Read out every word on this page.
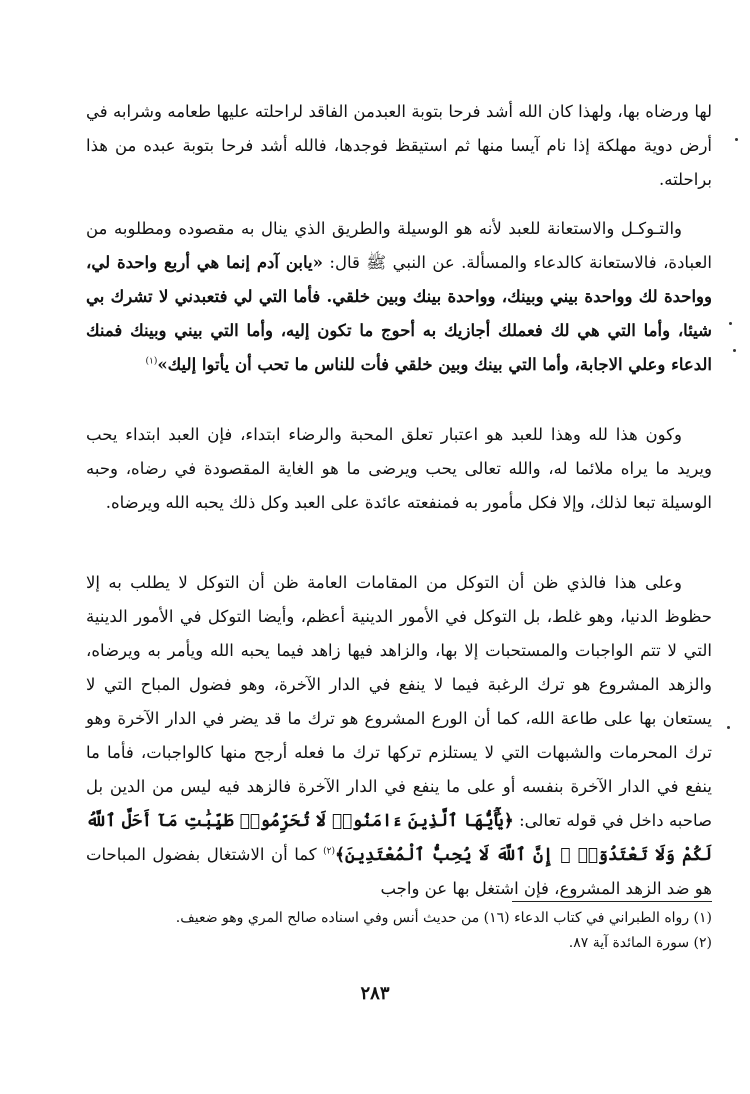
لها ورضاه بها، ولهذا كان الله أشد فرحا بتوبة العبدمن الفاقد لراحلته عليها طعامه وشرابه في أرض دوية مهلكة إذا نام آيسا منها ثم استيقظ فوجدها، فالله أشد فرحا بتوبة عبده من هذا براحلته.

والتـوكـل والاستعانة للعبد لأنه هو الوسيلة والطريق الذي ينال به مقصوده ومطلوبه من العبادة، فالاستعانة كالدعاء والمسألة. عن النبي ﷺ قال: «يابن آدم إنما هي أربع واحدة لي، وواحدة لك وواحدة بيني وبينك، وواحدة بينك وبين خلقي. فأما التي لي فتعبدني لا تشرك بي شيئا، وأما التي هي لك فعملك أجازيك به أحوج ما تكون إليه، وأما التي بيني وبينك فمنك الدعاء وعلي الاجابة، وأما التي بينك وبين خلقي فأت للناس ما تحب أن يأتوا إليك»$^{(١)}$

وكون هذا لله وهذا للعبد هو اعتبار تعلق المحبة والرضاء ابتداء، فإن العبد ابتداء يحب ويريد ما يراه ملائما له، والله تعالى يحب ويرضى ما هو الغاية المقصودة في رضاه، وحبه الوسيلة تبعا لذلك، وإلا فكل مأمور به فمنفعته عائدة على العبد وكل ذلك يحبه الله ويرضاه.

وعلى هذا فالذي ظن أن التوكل من المقامات العامة ظن أن التوكل لا يطلب به إلا حظوظ الدنيا، وهو غلط، بل التوكل في الأمور الدينية أعظم، وأيضا التوكل في الأمور الدينية التي لا تتم الواجبات والمستحبات إلا بها، والزاهد فيها زاهد فيما يحبه الله ويأمر به ويرضاه، والزهد المشروع هو ترك الرغبة فيما لا ينفع في الدار الآخرة، وهو فضول المباح التي لا يستعان بها على طاعة الله، كما أن الورع المشروع هو ترك ما قد يضر في الدار الآخرة وهو ترك المحرمات والشبهات التي لا يستلزم تركها ترك ما فعله أرجح منها كالواجبات، فأما ما ينفع في الدار الآخرة بنفسه أو على ما ينفع في الدار الآخرة فالزهد فيه ليس من الدين بل صاحبه داخل في قوله تعالى: ﴿يَٰٓأَيُّهَا ٱلَّذِينَ ءَامَنُوا۟ لَا تُحَرِّمُوا۟ طَيِّبَٰتِ مَآ أَحَلَّ ٱللَّهُ لَكُمْ وَلَا تَعْتَدُوٓا۟ ۚ إِنَّ ٱللَّهَ لَا يُحِبُّ ٱلْمُعْتَدِينَ﴾$^{(٢)}$ كما أن الاشتغال بفضول المباحات هو ضد الزهد المشروع، فإن اشتغل بها عن واجب

(١) رواه الطبراني في كتاب الدعاء (١٦) من حديث أنس وفي اسناده صالح المري وهو ضعيف.

(٢) سورة المائدة آية ٨٧.

٢٨٣
